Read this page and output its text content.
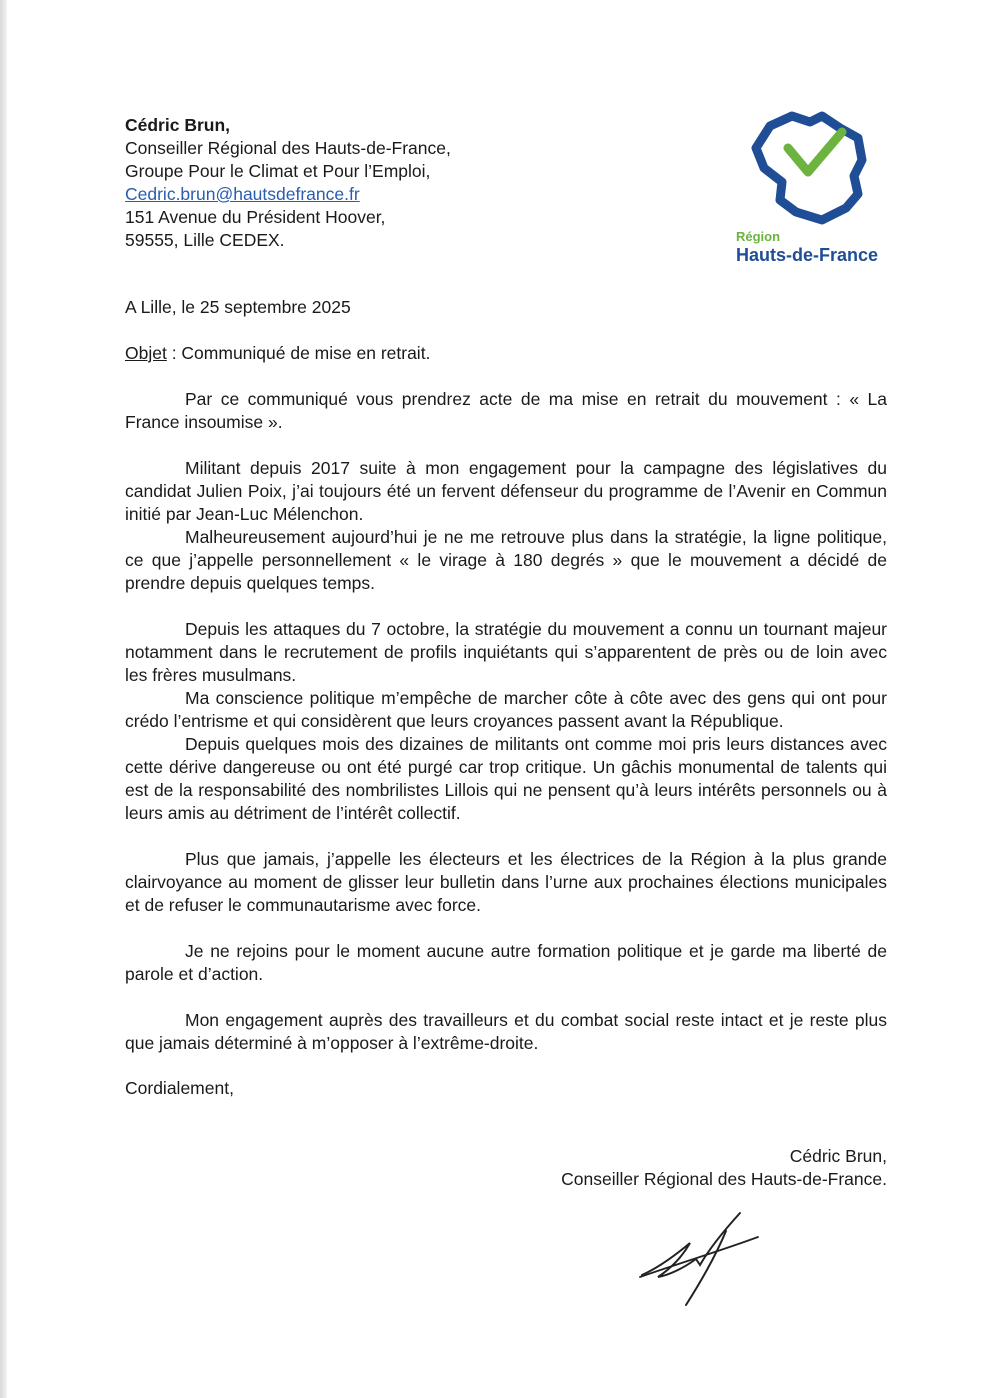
Cédric Brun,
Conseiller Régional des Hauts-de-France,
Groupe Pour le Climat et Pour l’Emploi,
Cedric.brun@hautsdefrance.fr
151 Avenue du Président Hoover,
59555, Lille CEDEX.	Région
Hauts-de-France

A Lille, le 25 septembre 2025

Objet : Communiqué de mise en retrait.

Par ce communiqué vous prendrez acte de ma mise en retrait du mouvement : « La France insoumise ».

Militant depuis 2017 suite à mon engagement pour la campagne des législatives du candidat Julien Poix, j’ai toujours été un fervent défenseur du programme de l’Avenir en Commun initié par Jean-Luc Mélenchon.

Malheureusement aujourd’hui je ne me retrouve plus dans la stratégie, la ligne politique, ce que j’appelle personnellement « le virage à 180 degrés » que le mouvement a décidé de prendre depuis quelques temps.

Depuis les attaques du 7 octobre, la stratégie du mouvement a connu un tournant majeur notamment dans le recrutement de profils inquiétants qui s’apparentent de près ou de loin avec les frères musulmans.

Ma conscience politique m’empêche de marcher côte à côte avec des gens qui ont pour crédo l’entrisme et qui considèrent que leurs croyances passent avant la République.

Depuis quelques mois des dizaines de militants ont comme moi pris leurs distances avec cette dérive dangereuse ou ont été purgé car trop critique. Un gâchis monumental de talents qui est de la responsabilité des nombrilistes Lillois qui ne pensent qu’à leurs intérêts personnels ou à leurs amis au détriment de l’intérêt collectif.

Plus que jamais, j’appelle les électeurs et les électrices de la Région à la plus grande clairvoyance au moment de glisser leur bulletin dans l’urne aux prochaines élections municipales et de refuser le communautarisme avec force.

Je ne rejoins pour le moment aucune autre formation politique et je garde ma liberté de parole et d’action.

Mon engagement auprès des travailleurs et du combat social reste intact et je reste plus que jamais déterminé à m’opposer à l’extrême-droite.

Cordialement,
Cédric Brun,
Conseiller Régional des Hauts-de-France.
